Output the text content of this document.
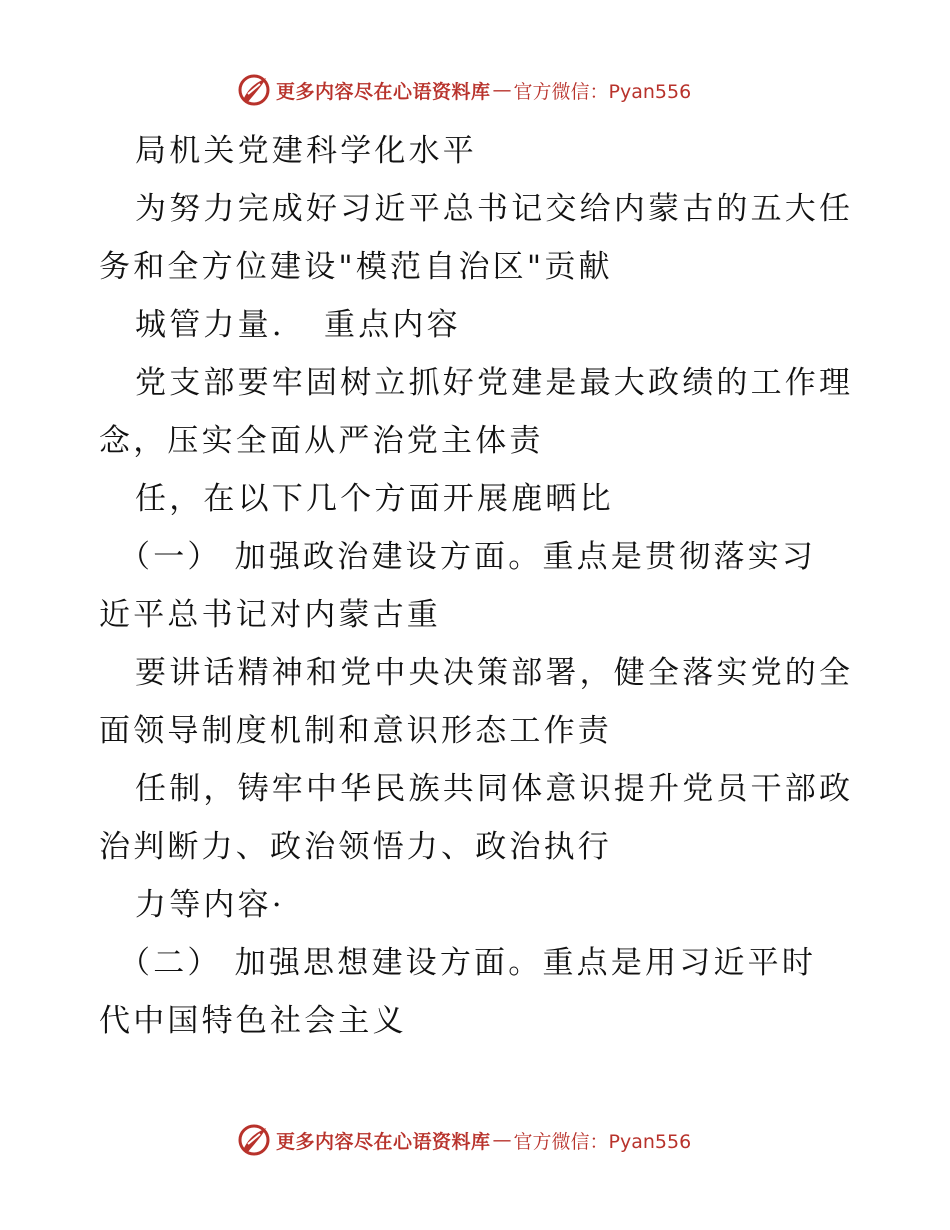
更多内容尽在心语资料库 — 官方微信：Pyan556
局机关党建科学化水平
为努力完成好习近平总书记交给内蒙古的五大任
务和全方位建设"模范自治区"贡献
城管力量.   重点内容
党支部要牢固树立抓好党建是最大政绩的工作理
念，压实全面从严治党主体责
任，在以下几个方面开展鹿晒比
（一） 加强政治建设方面。重点是贯彻落实习
近平总书记对内蒙古重
要讲话精神和党中央决策部署，健全落实党的全
面领导制度机制和意识形态工作责
任制，铸牢中华民族共同体意识提升党员干部政
治判断力、政治领悟力、政治执行
力等内容·
（二） 加强思想建设方面。重点是用习近平时
代中国特色社会主义
更多内容尽在心语资料库 — 官方微信：Pyan556
